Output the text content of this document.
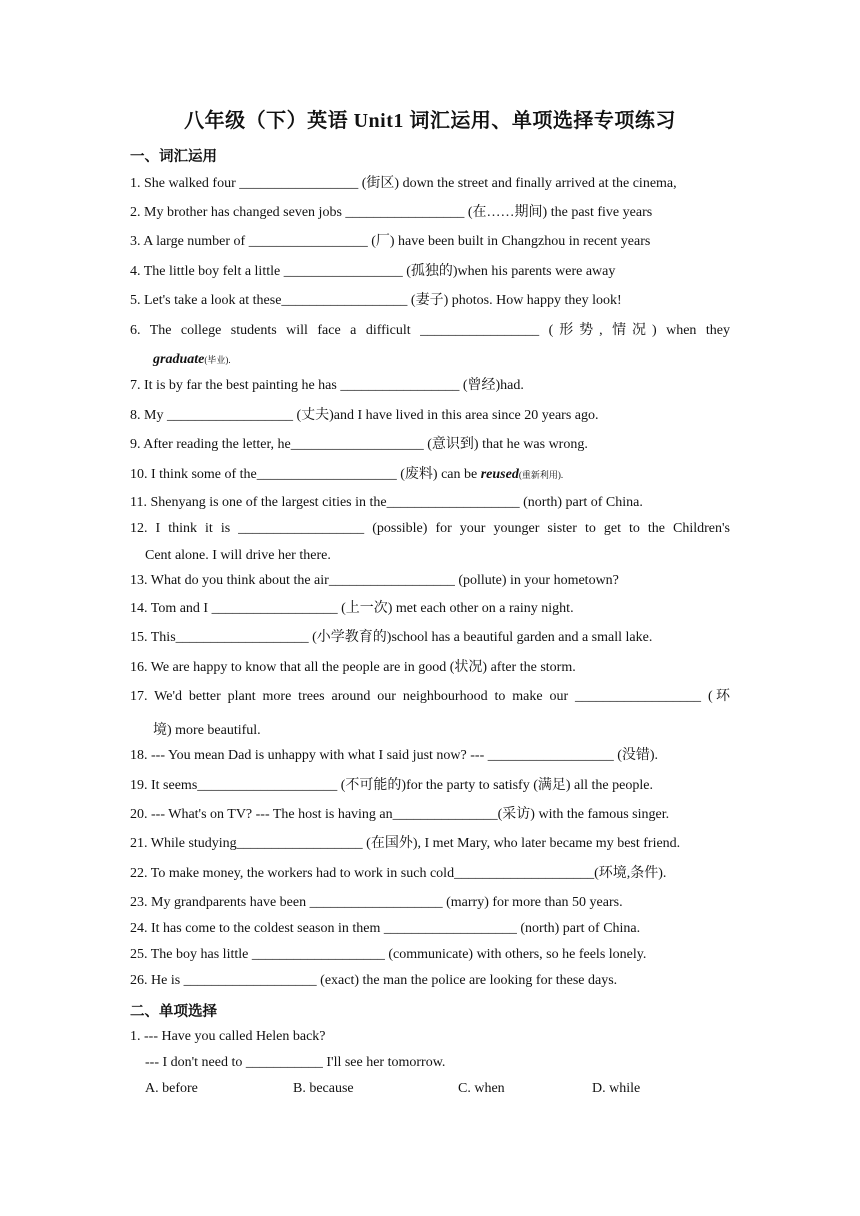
八年级（下）英语 Unit1 词汇运用、单项选择专项练习
一、词汇运用
1. She walked four _________________ (街区) down the street and finally arrived at the cinema,
2. My brother has changed seven jobs _________________ (在……期间) the past five years
3. A large number of _________________ (厂) have been built in Changzhou in recent years
4. The little boy felt a little _________________ (孤独的)when his parents were away
5. Let's take a look at these__________________ (妻子) photos. How happy they look!
6. The college students will face a difficult _________________ (形势, 情况) when they
graduate(毕业).
7. It is by far the best painting he has _________________ (曾经)had.
8. My __________________ (丈夫)and I have lived in this area since 20 years ago.
9. After reading the letter, he___________________ (意识到) that he was wrong.
10. I think some of the____________________ (废料) can be reused(重新利用).
11. Shenyang is one of the largest cities in the___________________ (north) part of China.
12. I think it is __________________ (possible) for your younger sister to get to the Children's
Cent alone. I will drive her there.
13. What do you think about the air__________________ (pollute) in your hometown?
14. Tom and I __________________ (上一次) met each other on a rainy night.
15. This___________________ (小学教育的)school has a beautiful garden and a small lake.
16. We are happy to know that all the people are in good (状况) after the storm.
17. We'd better plant more trees around our neighbourhood to make our __________________ (环
境) more beautiful.
18. --- You mean Dad is unhappy with what I said just now? --- __________________ (没错).
19. It seems____________________ (不可能的)for the party to satisfy (满足) all the people.
20. --- What's on TV? --- The host is having an_______________(采访) with the famous singer.
21. While studying__________________ (在国外), I met Mary, who later became my best friend.
22. To make money, the workers had to work in such cold____________________(环境,条件).
23. My grandparents have been ___________________ (marry) for more than 50 years.
24. It has come to the coldest season in them ___________________ (north) part of China.
25. The boy has little ___________________ (communicate) with others, so he feels lonely.
26. He is ___________________ (exact) the man the police are looking for these days.
二、单项选择
1. --- Have you called Helen back?
--- I don't need to ___________ I'll see her tomorrow.
A. before	B. because	C. when	D. while
